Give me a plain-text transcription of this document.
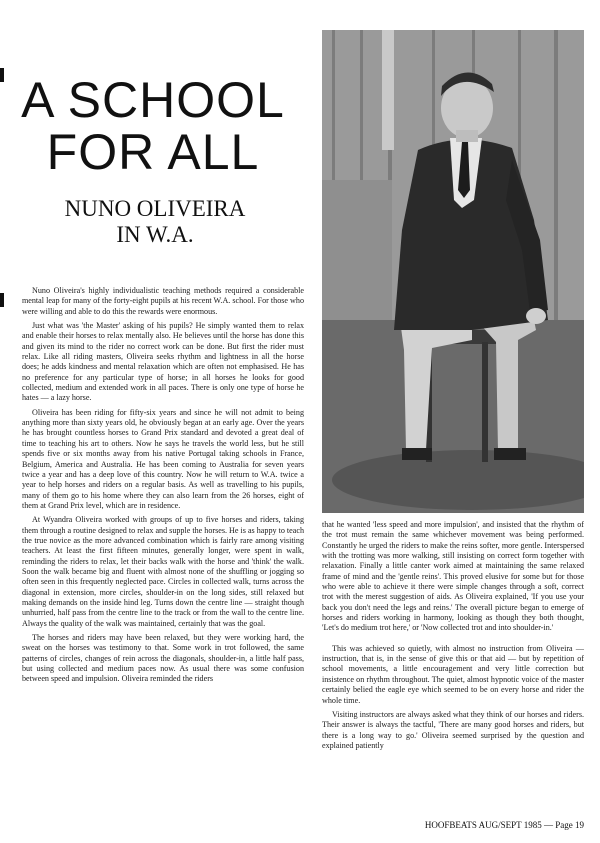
A SCHOOL
FOR ALL
NUNO OLIVEIRA
IN W.A.

Nuno Oliveira's highly individualistic teaching methods required a considerable mental leap for many of the forty-eight pupils at his recent W.A. school. For those who were willing and able to do this the rewards were enormous.

Just what was 'the Master' asking of his pupils? He simply wanted them to relax and enable their horses to relax mentally also. He believes until the horse has done this and given its mind to the rider no correct work can be done. But first the rider must relax. Like all riding masters, Oliveira seeks rhythm and lightness in all the horse does; he adds kindness and mental relaxation which are often not emphasised. He has no preference for any particular type of horse; in all horses he looks for good collected, medium and extended work in all paces. There is only one type of horse he hates — a lazy horse.

Oliveira has been riding for fifty-six years and since he will not admit to being anything more than sixty years old, he obviously began at an early age. Over the years he has brought countless horses to Grand Prix standard and devoted a great deal of time to teaching his art to others. Now he says he travels the world less, but he still spends five or six months away from his native Portugal taking schools in France, Belgium, America and Australia. He has been coming to Australia for seven years twice a year and has a deep love of this country. Now he will return to W.A. twice a year to help horses and riders on a regular basis. As well as travelling to his pupils, many of them go to his home where they can also learn from the 26 horses, eight of them at Grand Prix level, which are in residence.

At Wyandra Oliveira worked with groups of up to five horses and riders, taking them through a routine designed to relax and supple the horses. He is as happy to teach the true novice as the more advanced combination which is fairly rare among visiting teachers. At least the first fifteen minutes, generally longer, were spent in walk, reminding the riders to relax, let their backs walk with the horse and 'think' the walk. Soon the walk became big and fluent with almost none of the shuffling or jogging so often seen in this frequently neglected pace. Circles in collected walk, turns across the diagonal in extension, more circles, shoulder-in on the long sides, still relaxed but making demands on the inside hind leg. Turns down the centre line — straight though unhurried, half pass from the centre line to the track or from the wall to the centre line. Always the quality of the walk was maintained, certainly that was the goal.

The horses and riders may have been relaxed, but they were working hard, the sweat on the horses was testimony to that. Some work in trot followed, the same patterns of circles, changes of rein across the diagonals, shoulder-in, a little half pass, but using collected and medium paces now. As usual there was some confusion between speed and impulsion. Oliveira reminded the riders

that he wanted 'less speed and more impulsion', and insisted that the rhythm of the trot must remain the same whichever movement was being performed. Constantly he urged the riders to make the reins softer, more gentle. Interspersed with the trotting was more walking, still insisting on correct form together with relaxation. Finally a little canter work aimed at maintaining the same relaxed frame of mind and the 'gentle reins'. This proved elusive for some but for those who were able to achieve it there were simple changes through a soft, correct trot with the merest suggestion of aids. As Oliveira explained, 'If you use your back you don't need the legs and reins.' The overall picture began to emerge of horses and riders working in harmony, looking as though they both thought, 'Let's do medium trot here,' or 'Now collected trot and into shoulder-in.'

This was achieved so quietly, with almost no instruction from Oliveira — instruction, that is, in the sense of give this or that aid — but by repetition of school movements, a little encouragement and very little correction but insistence on rhythm throughout. The quiet, almost hypnotic voice of the master certainly belied the eagle eye which seemed to be on every horse and rider the whole time.

Visiting instructors are always asked what they think of our horses and riders. Their answer is always the tactful, 'There are many good horses and riders, but there is a long way to go.' Oliveira seemed surprised by the question and explained patiently

HOOFBEATS AUG/SEPT 1985 — Page 19
